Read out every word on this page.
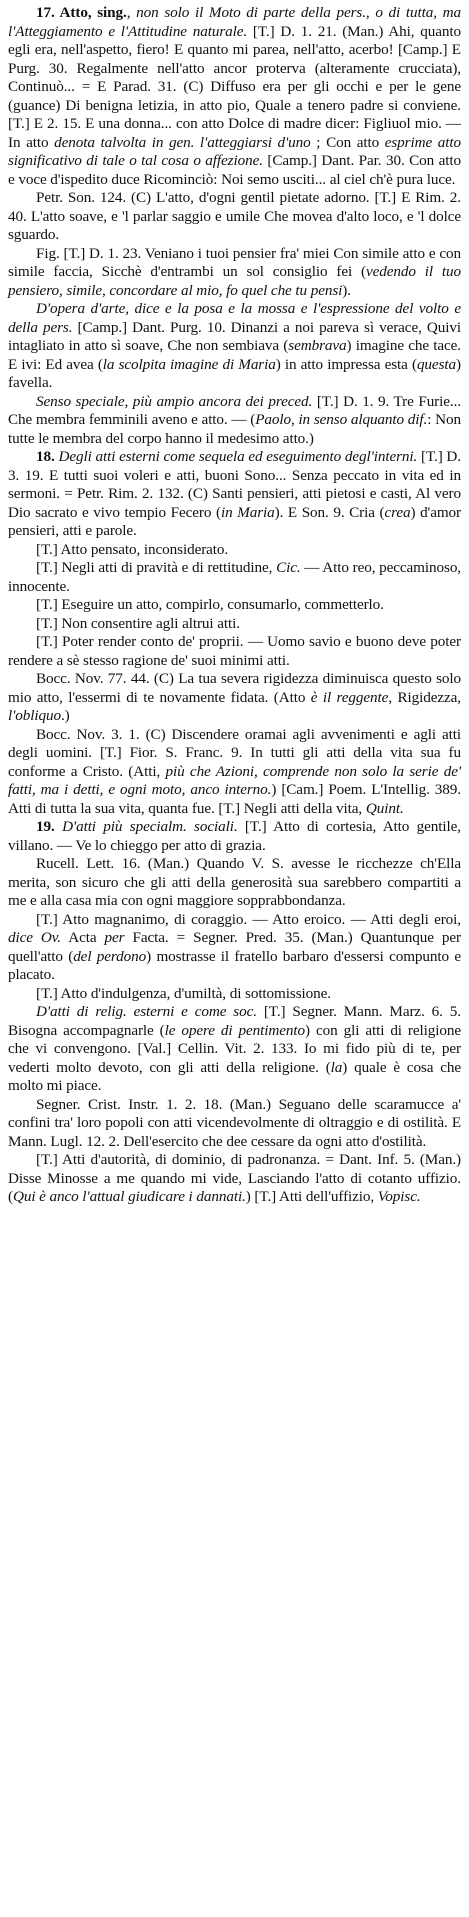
17. Atto, sing., non solo il Moto di parte della pers., o di tutta, ma l'Atteggiamento e l'Attitudine naturale. [T.] D. 1. 21. (Man.) Ahi, quanto egli era, nell'aspetto, fiero! E quanto mi parea, nell'atto, acerbo! [Camp.] E Purg. 30. Regalmente nell'atto ancor proterva (alteramente crucciata), Continuò... = E Parad. 31. (C) Diffuso era per gli occhi e per le gene (guance) Di benigna letizia, in atto pio, Quale a tenero padre si conviene. [T.] E 2. 15. E una donna... con atto Dolce di madre dicer: Figliuol mio. — In atto denota talvolta in gen. l'atteggiarsi d'uno ; Con atto esprime atto significativo di tale o tal cosa o affezione. [Camp.] Dant. Par. 30. Con atto e voce d'ispedito duce Ricominciò: Noi semo usciti... al ciel ch'è pura luce.

Petr. Son. 124. (C) L'atto, d'ogni gentil pietate adorno. [T.] E Rim. 2. 40. L'atto soave, e 'l parlar saggio e umile Che movea d'alto loco, e 'l dolce sguardo.

Fig. [T.] D. 1. 23. Veniano i tuoi pensier fra' miei Con simile atto e con simile faccia, Sicchè d'entrambi un sol consiglio fei (vedendo il tuo pensiero, simile, concordare al mio, fo quel che tu pensi).

D'opera d'arte, dice e la posa e la mossa e l'espressione del volto e della pers. [Camp.] Dant. Purg. 10. Dinanzi a noi pareva sì verace, Quivi intagliato in atto sì soave, Che non sembiava (sembrava) imagine che tace. E ivi: Ed avea (la scolpita imagine di Maria) in atto impressa esta (questa) favella.

Senso speciale, più ampio ancora dei preced. [T.] D. 1. 9. Tre Furie... Che membra femminili aveno e atto. — (Paolo, in senso alquanto dif.: Non tutte le membra del corpo hanno il medesimo atto.)

18. Degli atti esterni come sequela ed eseguimento degl'interni. [T.] D. 3. 19. E tutti suoi voleri e atti, buoni Sono... Senza peccato in vita ed in sermoni. = Petr. Rim. 2. 132. (C) Santi pensieri, atti pietosi e casti, Al vero Dio sacrato e vivo tempio Fecero (in Maria). E Son. 9. Cria (crea) d'amor pensieri, atti e parole.

[T.] Atto pensato, inconsiderato.

[T.] Negli atti di pravità e di rettitudine, Cic. — Atto reo, peccaminoso, innocente.

[T.] Eseguire un atto, compirlo, consumarlo, commetterlo.

[T.] Non consentire agli altrui atti.

[T.] Poter render conto de' proprii. — Uomo savio e buono deve poter rendere a sè stesso ragione de' suoi minimi atti.

Bocc. Nov. 77. 44. (C) La tua severa rigidezza diminuisca questo solo mio atto, l'essermi di te novamente fidata. (Atto è il reggente, Rigidezza, l'obliquo.)

Bocc. Nov. 3. 1. (C) Discendere oramai agli avvenimenti e agli atti degli uomini. [T.] Fior. S. Franc. 9. In tutti gli atti della vita sua fu conforme a Cristo. (Atti, più che Azioni, comprende non solo la serie de' fatti, ma i detti, e ogni moto, anco interno.) [Cam.] Poem. L'Intellig. 389. Atti di tutta la sua vita, quanta fue. [T.] Negli atti della vita, Quint.

19. D'atti più specialm. sociali. [T.] Atto di cortesia, Atto gentile, villano. — Ve lo chieggo per atto di grazia.

Rucell. Lett. 16. (Man.) Quando V. S. avesse le ricchezze ch'Ella merita, son sicuro che gli atti della generosità sua sarebbero compartiti a me e alla casa mia con ogni maggiore sopprabbondanza.

[T.] Atto magnanimo, di coraggio. — Atto eroico. — Atti degli eroi, dice Ov. Acta per Facta. = Segner. Pred. 35. (Man.) Quantunque per quell'atto (del perdono) mostrasse il fratello barbaro d'essersi compunto e placato.

[T.] Atto d'indulgenza, d'umiltà, di sottomissione.

D'atti di relig. esterni e come soc. [T.] Segner. Mann. Marz. 6. 5. Bisogna accompagnarle (le opere di pentimento) con gli atti di religione che vi convengono. [Val.] Cellin. Vit. 2. 133. Io mi fido più di te, per vederti molto devoto, con gli atti della religione. (la) quale è cosa che molto mi piace.

Segner. Crist. Instr. 1. 2. 18. (Man.) Seguano delle scaramucce a' confini tra' loro popoli con atti vicendevolmente di oltraggio e di ostilità. E Mann. Lugl. 12. 2. Dell'esercito che dee cessare da ogni atto d'ostilità.

[T.] Atti d'autorità, di dominio, di padronanza. = Dant. Inf. 5. (Man.) Disse Minosse a me quando mi vide, Lasciando l'atto di cotanto uffizio. (Qui è anco l'attual giudicare i dannati.) [T.] Atti dell'uffizio, Vopisc.
